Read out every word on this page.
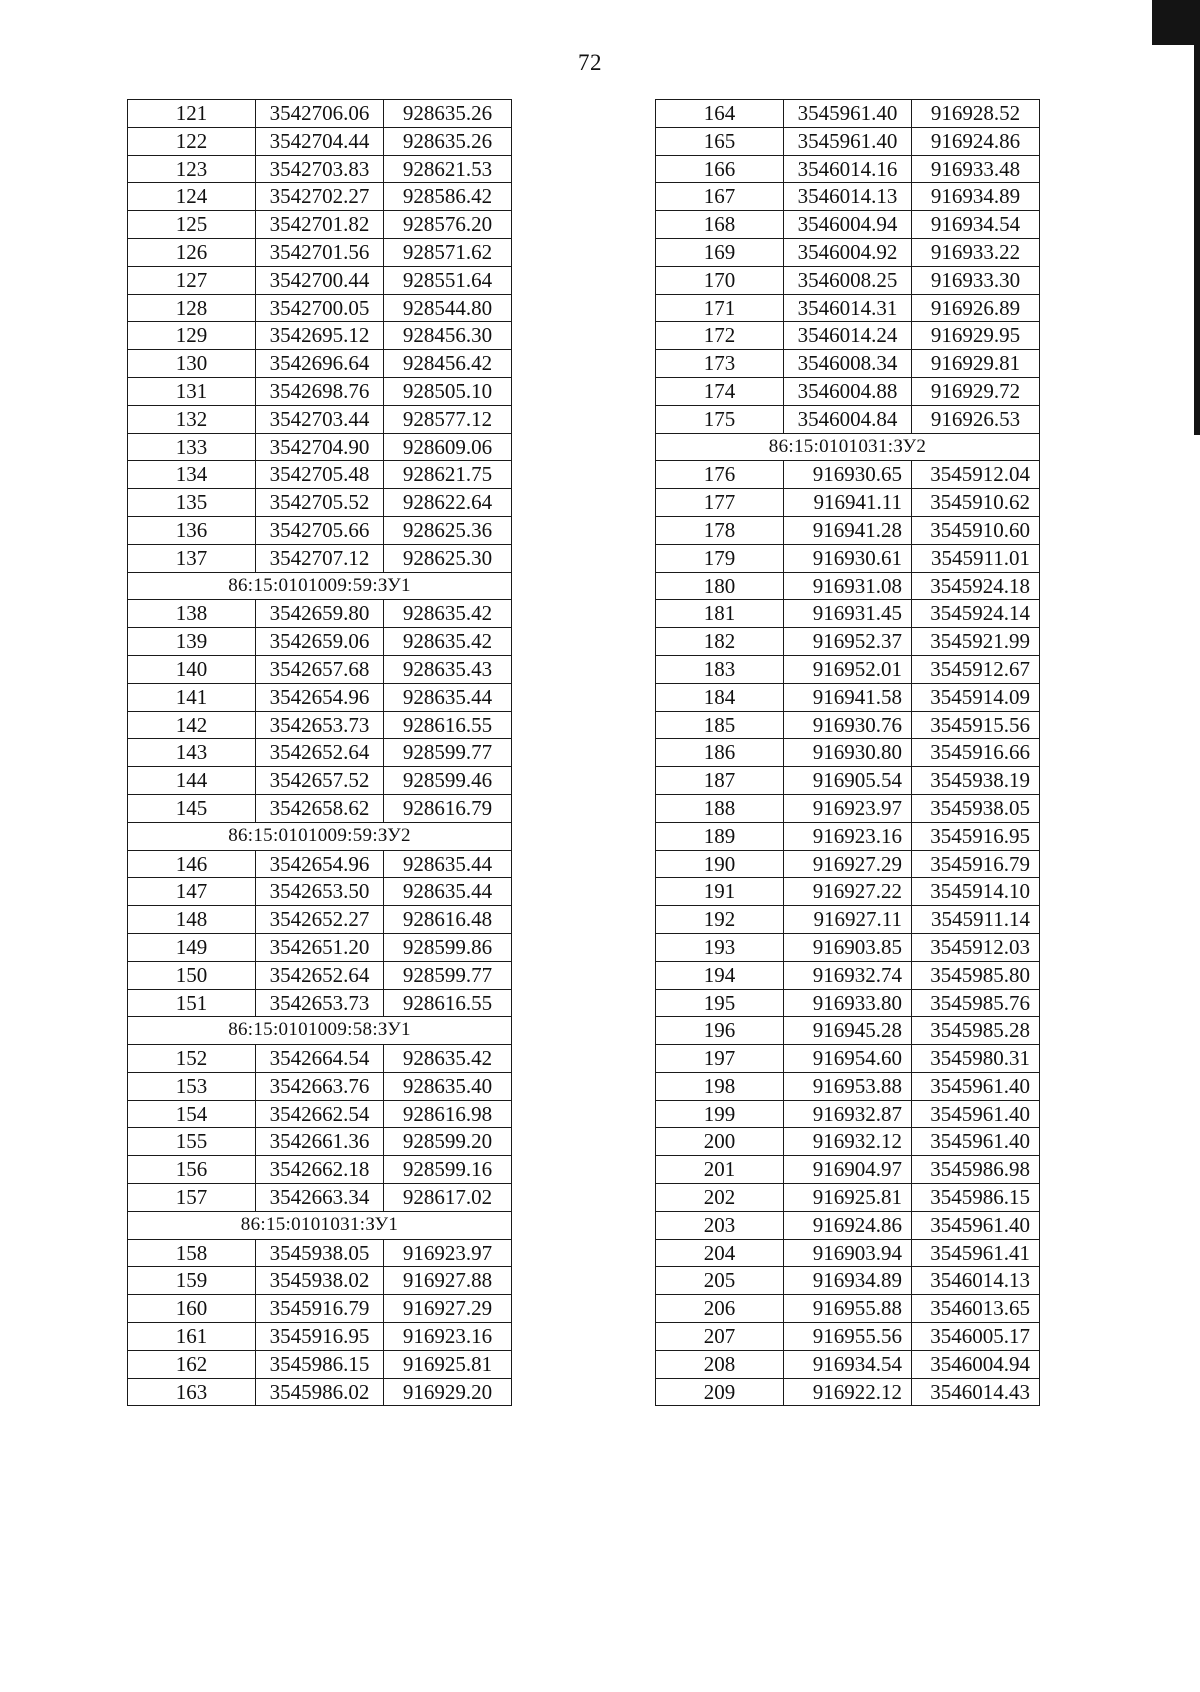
72
121	3542706.06	928635.26
122	3542704.44	928635.26
123	3542703.83	928621.53
124	3542702.27	928586.42
125	3542701.82	928576.20
126	3542701.56	928571.62
127	3542700.44	928551.64
128	3542700.05	928544.80
129	3542695.12	928456.30
130	3542696.64	928456.42
131	3542698.76	928505.10
132	3542703.44	928577.12
133	3542704.90	928609.06
134	3542705.48	928621.75
135	3542705.52	928622.64
136	3542705.66	928625.36
137	3542707.12	928625.30
86:15:0101009:59:ЗУ1		
138	3542659.80	928635.42
139	3542659.06	928635.42
140	3542657.68	928635.43
141	3542654.96	928635.44
142	3542653.73	928616.55
143	3542652.64	928599.77
144	3542657.52	928599.46
145	3542658.62	928616.79
86:15:0101009:59:ЗУ2		
146	3542654.96	928635.44
147	3542653.50	928635.44
148	3542652.27	928616.48
149	3542651.20	928599.86
150	3542652.64	928599.77
151	3542653.73	928616.55
86:15:0101009:58:ЗУ1		
152	3542664.54	928635.42
153	3542663.76	928635.40
154	3542662.54	928616.98
155	3542661.36	928599.20
156	3542662.18	928599.16
157	3542663.34	928617.02
86:15:0101031:ЗУ1		
158	3545938.05	916923.97
159	3545938.02	916927.88
160	3545916.79	916927.29
161	3545916.95	916923.16
162	3545986.15	916925.81
163	3545986.02	916929.20
164	3545961.40	916928.52
165	3545961.40	916924.86
166	3546014.16	916933.48
167	3546014.13	916934.89
168	3546004.94	916934.54
169	3546004.92	916933.22
170	3546008.25	916933.30
171	3546014.31	916926.89
172	3546014.24	916929.95
173	3546008.34	916929.81
174	3546004.88	916929.72
175	3546004.84	916926.53
86:15:0101031:ЗУ2		
176	916930.65	3545912.04
177	916941.11	3545910.62
178	916941.28	3545910.60
179	916930.61	3545911.01
180	916931.08	3545924.18
181	916931.45	3545924.14
182	916952.37	3545921.99
183	916952.01	3545912.67
184	916941.58	3545914.09
185	916930.76	3545915.56
186	916930.80	3545916.66
187	916905.54	3545938.19
188	916923.97	3545938.05
189	916923.16	3545916.95
190	916927.29	3545916.79
191	916927.22	3545914.10
192	916927.11	3545911.14
193	916903.85	3545912.03
194	916932.74	3545985.80
195	916933.80	3545985.76
196	916945.28	3545985.28
197	916954.60	3545980.31
198	916953.88	3545961.40
199	916932.87	3545961.40
200	916932.12	3545961.40
201	916904.97	3545986.98
202	916925.81	3545986.15
203	916924.86	3545961.40
204	916903.94	3545961.41
205	916934.89	3546014.13
206	916955.88	3546013.65
207	916955.56	3546005.17
208	916934.54	3546004.94
209	916922.12	3546014.43
